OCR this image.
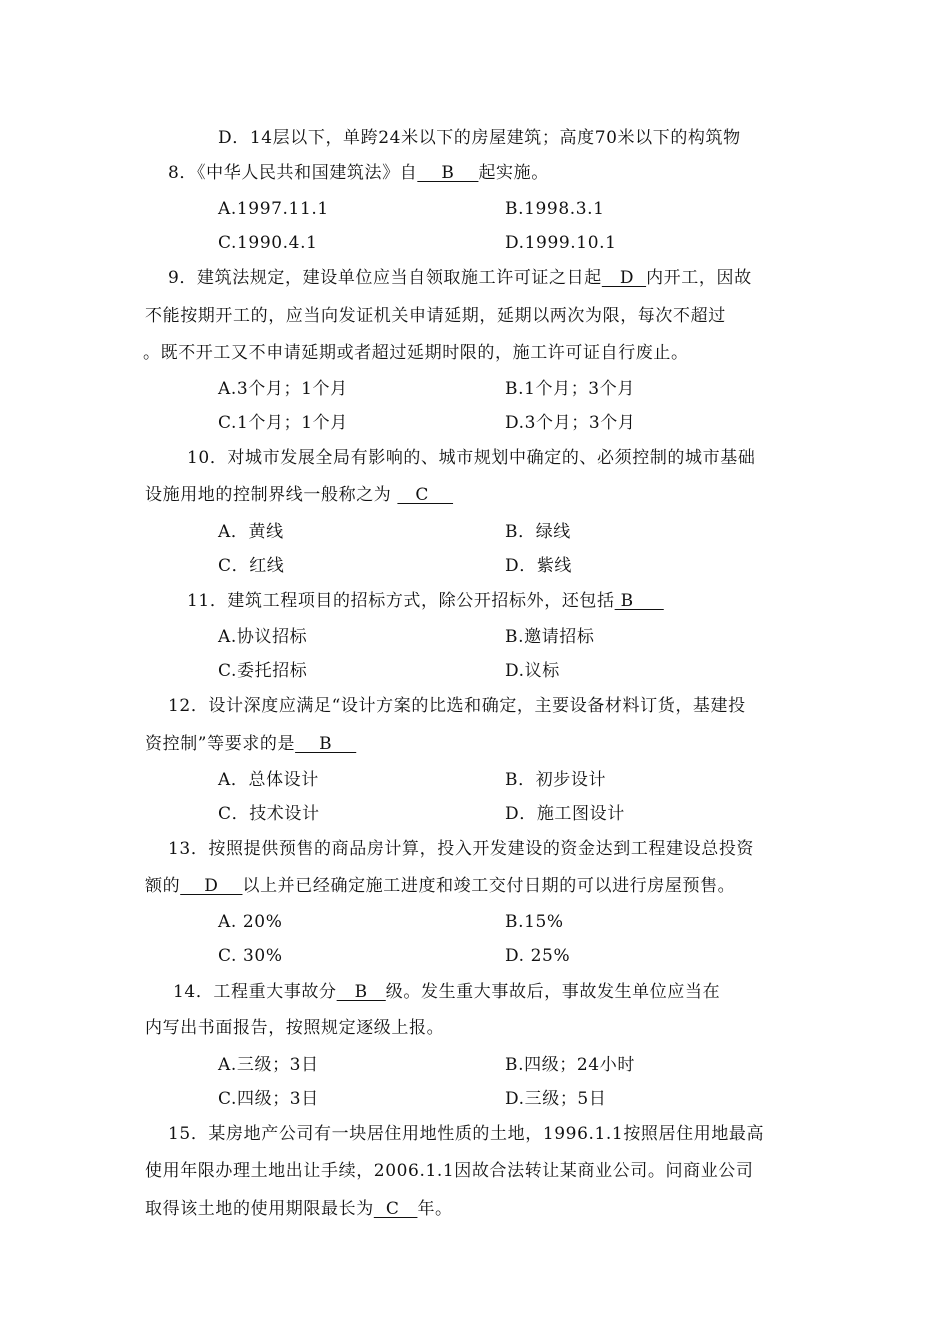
D．14层以下，单跨24米以下的房屋建筑；高度70米以下的构筑物
8．《中华人民共和国建筑法》自    B    起实施。
A.1997.11.1	B.1998.3.1
C.1990.4.1	D.1999.10.1
9．建筑法规定，建设单位应当自领取施工许可证之日起   D  内开工，因故
不能按期开工的，应当向发证机关申请延期，延期以两次为限，每次不超过
。既不开工又不申请延期或者超过延期时限的，施工许可证自行废止。
A.3个月；1个月	B.1个月；3个月
C.1个月；1个月	D.3个月；3个月
10．对城市发展全局有影响的、城市规划中确定的、必须控制的城市基础
设施用地的控制界线一般称之为    C
A．黄线	B．绿线
C．红线	D．紫线
11．建筑工程项目的招标方式，除公开招标外，还包括 B
A.协议招标	B.邀请招标
C.委托招标	D.议标
12．设计深度应满足“设计方案的比选和确定，主要设备材料订货，基建投
资控制”等要求的是    B
A．总体设计	B．初步设计
C．技术设计	D．施工图设计
13．按照提供预售的商品房计算，投入开发建设的资金达到工程建设总投资
额的    D    以上并已经确定施工进度和竣工交付日期的可以进行房屋预售。
A. 20%	B.15%
C. 30%	D. 25%
14．工程重大事故分   B   级。发生重大事故后，事故发生单位应当在
内写出书面报告，按照规定逐级上报。
A.三级；3日	B.四级；24小时
C.四级；3日	D.三级；5日
15．某房地产公司有一块居住用地性质的土地，1996.1.1按照居住用地最高
使用年限办理土地出让手续，2006.1.1因故合法转让某商业公司。问商业公司
取得该土地的使用期限最长为  C   年。
